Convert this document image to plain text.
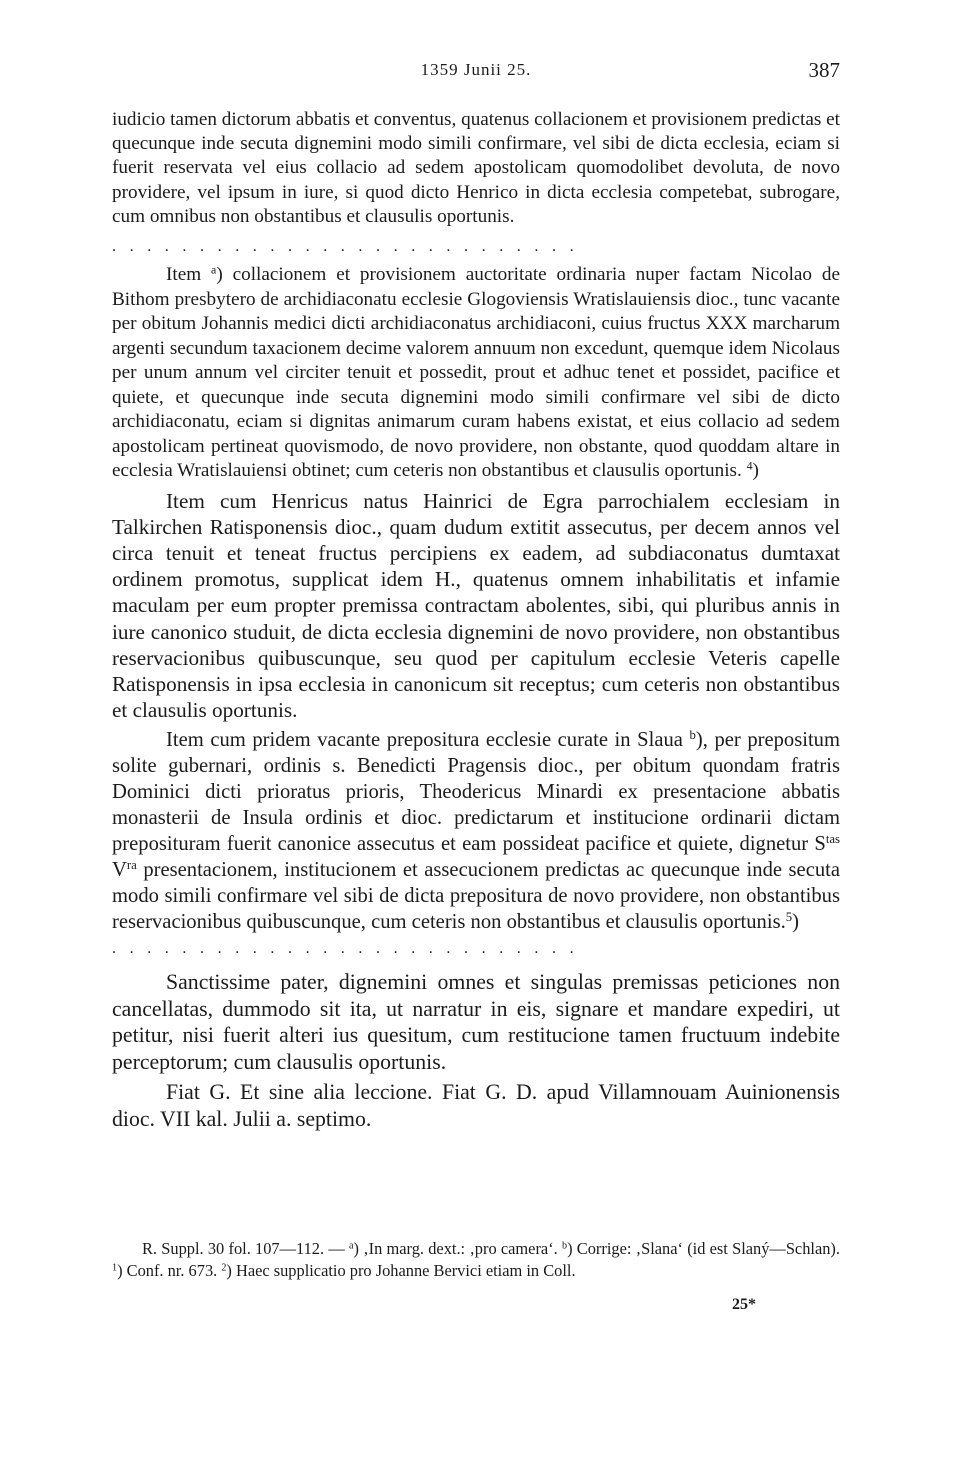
1359 Junii 25.	387

iudicio tamen dictorum abbatis et conventus, quatenus collacionem et provisionem predictas et quecunque inde secuta dignemini modo simili confirmare, vel sibi de dicta ecclesia, eciam si fuerit reservata vel eius collacio ad sedem apostolicam quomodolibet devoluta, de novo providere, vel ipsum in iure, si quod dicto Henrico in dicta ecclesia competebat, subrogare, cum omnibus non obstantibus et clausulis oportunis.

...........................

Item $^a$) collacionem et provisionem auctoritate ordinaria nuper factam Nicolao de Bithom presbytero de archidiaconatu ecclesie Glogoviensis Wratislauiensis dioc., tunc vacante per obitum Johannis medici dicti archidiaconatus archidiaconi, cuius fructus XXX marcharum argenti secundum taxacionem decime valorem annuum non excedunt, quemque idem Nicolaus per unum annum vel circiter tenuit et possedit, prout et adhuc tenet et possidet, pacifice et quiete, et quecunque inde secuta dignemini modo simili confirmare vel sibi de dicto archidiaconatu, eciam si dignitas animarum curam habens existat, et eius collacio ad sedem apostolicam pertineat quovismodo, de novo providere, non obstante, quod quoddam altare in ecclesia Wratislauiensi obtinet; cum ceteris non obstantibus et clausulis oportunis. $^4$)

Item cum Henricus natus Hainrici de Egra parrochialem ecclesiam in Talkirchen Ratisponensis dioc., quam dudum extitit assecutus, per decem annos vel circa tenuit et teneat fructus percipiens ex eadem, ad subdiaconatus dumtaxat ordinem promotus, supplicat idem H., quatenus omnem inhabilitatis et infamie maculam per eum propter premissa contractam abolentes, sibi, qui pluribus annis in iure canonico studuit, de dicta ecclesia dignemini de novo providere, non obstantibus reservacionibus quibuscunque, seu quod per capitulum ecclesie Veteris capelle Ratisponensis in ipsa ecclesia in canonicum sit receptus; cum ceteris non obstantibus et clausulis oportunis.

Item cum pridem vacante prepositura ecclesie curate in Slaua $^b$), per prepositum solite gubernari, ordinis s. Benedicti Pragensis dioc., per obitum quondam fratris Dominici dicti prioratus prioris, Theodericus Minardi ex presentacione abbatis monasterii de Insula ordinis et dioc. predictarum et institucione ordinarii dictam preposituram fuerit canonice assecutus et eam possideat pacifice et quiete, dignetur $S^{tas}$ $V^{ra}$ presentacionem, institucionem et assecucionem predictas ac quecunque inde secuta modo simili confirmare vel sibi de dicta prepositura de novo providere, non obstantibus reservacionibus quibuscunque, cum ceteris non obstantibus et clausulis oportunis.$^5$)

...........................

Sanctissime pater, dignemini omnes et singulas premissas peticiones non cancellatas, dummodo sit ita, ut narratur in eis, signare et mandare expediri, ut petitur, nisi fuerit alteri ius quesitum, cum restitucione tamen fructuum indebite perceptorum; cum clausulis oportunis.

Fiat G. Et sine alia leccione. Fiat G. D. apud Villamnouam Auinionensis dioc. VII kal. Julii a. septimo.

R. Suppl. 30 fol. 107—112. — $^a$) ‚In marg. dext.: ‚pro camera‘. $^b$) Corrige: ‚Slana‘ (id est Slaný—Schlan). $^1$) Conf. nr. 673. $^2$) Haec supplicatio pro Johanne Bervici etiam in Coll.
25*
